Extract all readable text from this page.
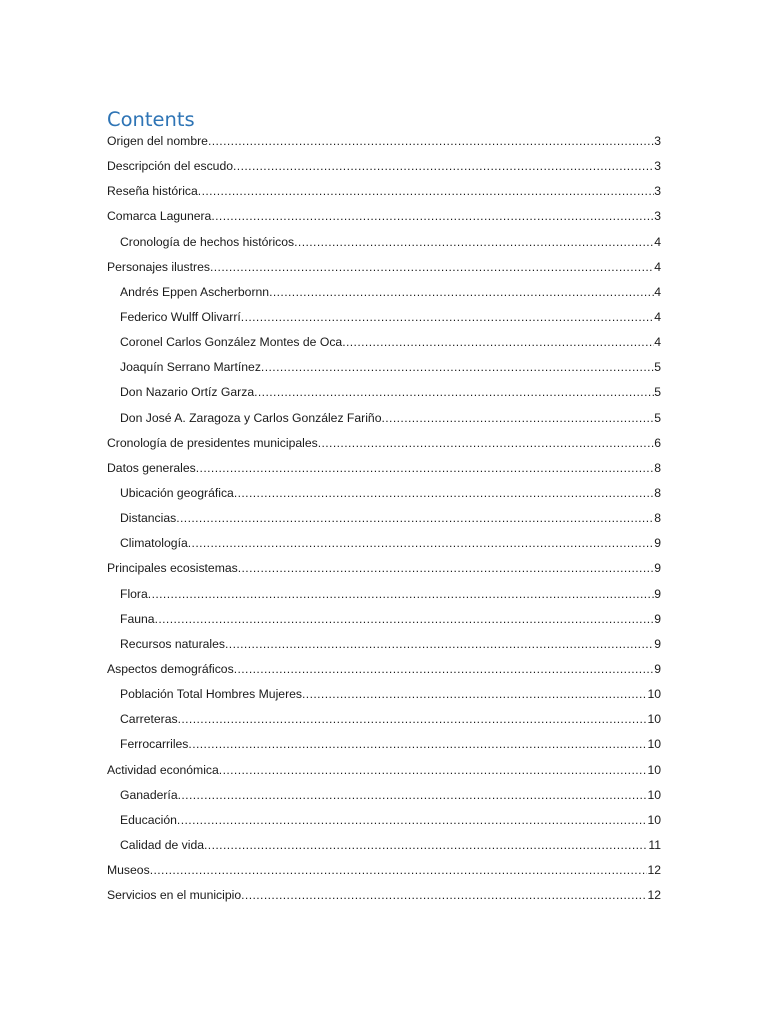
Contents
Origen del nombre .....	3
Descripción del escudo .....	3
Reseña histórica .....	3
Comarca Lagunera .....	3
Cronología de hechos históricos .....	4
Personajes ilustres .....	4
Andrés Eppen Ascherbornn .....	4
Federico Wulff Olivarrí .....	4
Coronel Carlos González Montes de Oca .....	4
Joaquín Serrano Martínez .....	5
Don Nazario Ortíz Garza .....	5
Don José A. Zaragoza y Carlos González Fariño .....	5
Cronología de presidentes municipales .....	6
Datos generales .....	8
Ubicación geográfica .....	8
Distancias .....	8
Climatología .....	9
Principales ecosistemas .....	9
Flora .....	9
Fauna .....	9
Recursos naturales .....	9
Aspectos demográficos .....	9
Población Total Hombres Mujeres .....	10
Carreteras .....	10
Ferrocarriles .....	10
Actividad económica .....	10
Ganadería .....	10
Educación .....	10
Calidad de vida .....	11
Museos .....	12
Servicios en el municipio .....	12
